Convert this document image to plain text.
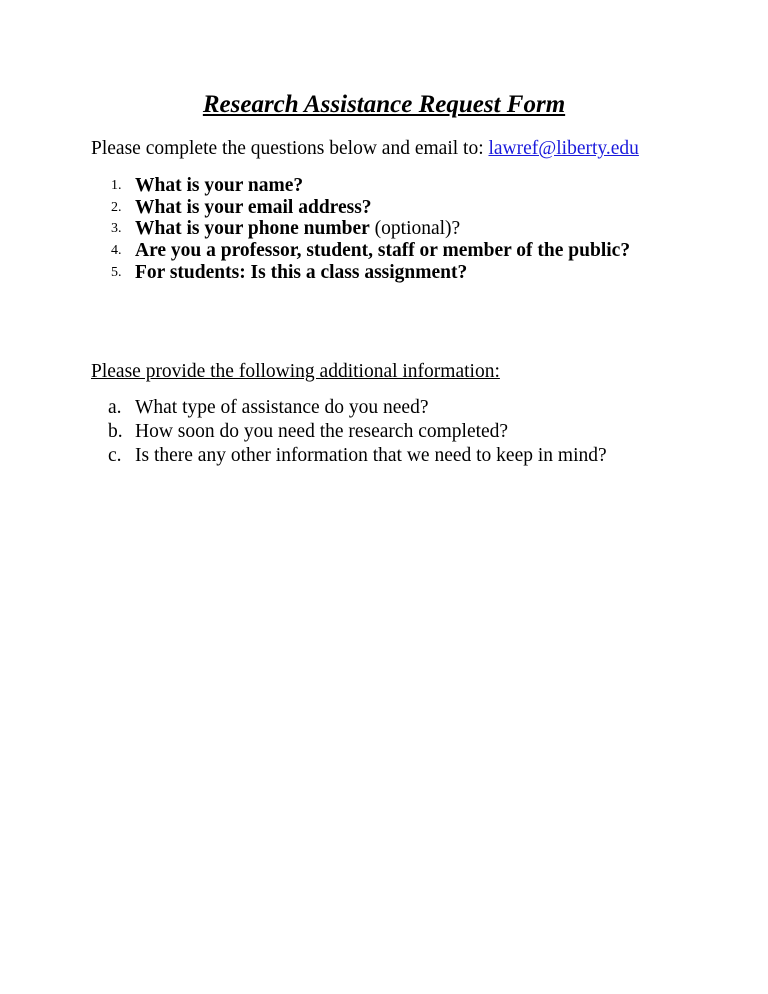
Research Assistance Request Form

Please complete the questions below and email to: lawref@liberty.edu

1. What is your name?
2. What is your email address?
3. What is your phone number (optional)?
4. Are you a professor, student, staff or member of the public?
5. For students: Is this a class assignment?

Please provide the following additional information:

a. What type of assistance do you need?
b. How soon do you need the research completed?
c. Is there any other information that we need to keep in mind?
